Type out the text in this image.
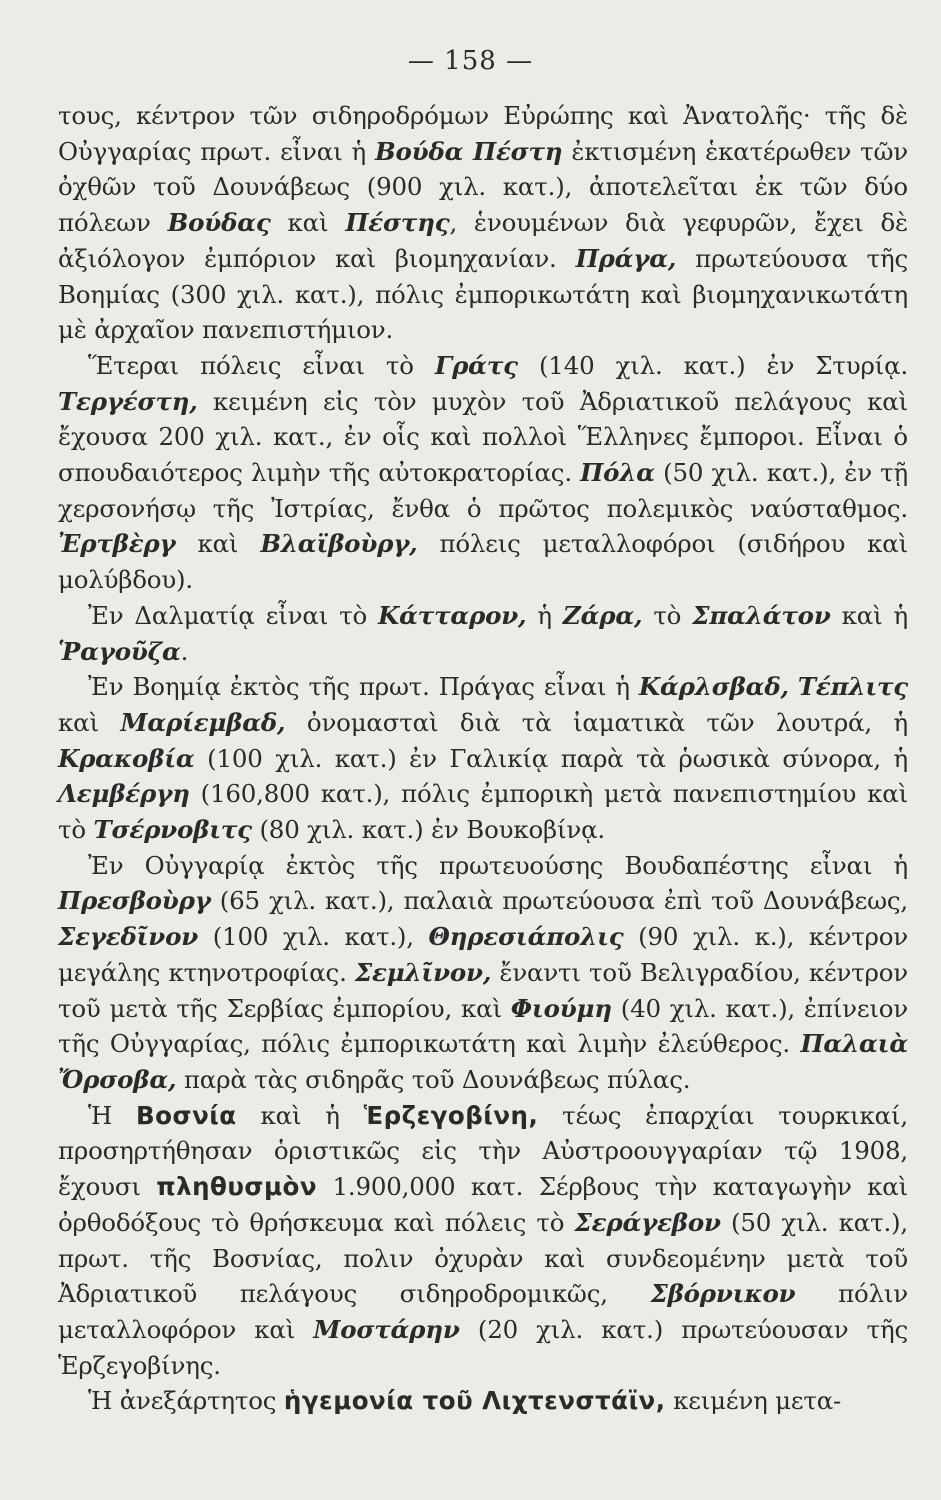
— 158 —

τους, κέντρον τῶν σιδηροδρόμων Εὐρώπης καὶ Ἀνατολῆς· τῆς δὲ Οὐγγαρίας πρωτ. εἶναι ἡ Βούδα Πέστη ἐκτισμένη ἑκατέρωθεν τῶν ὀχθῶν τοῦ Δουνάβεως (900 χιλ. κατ.), ἀποτελεῖται ἐκ τῶν δύο πόλεων Βούδας καὶ Πέστης, ἑνουμένων διὰ γεφυρῶν, ἔχει δὲ ἀξιόλογον ἐμπόριον καὶ βιομηχανίαν. Πράγα, πρωτεύουσα τῆς Βοημίας (300 χιλ. κατ.), πόλις ἐμπορικωτάτη καὶ βιομηχανικωτάτη μὲ ἀρχαῖον πανεπιστήμιον.

Ἕτεραι πόλεις εἶναι τὸ Γράτς (140 χιλ. κατ.) ἐν Στυρίᾳ. Τεργέστη, κειμένη εἰς τὸν μυχὸν τοῦ Ἀδριατικοῦ πελάγους καὶ ἔχουσα 200 χιλ. κατ., ἐν οἷς καὶ πολλοὶ Ἕλληνες ἔμποροι. Εἶναι ὁ σπουδαιότερος λιμὴν τῆς αὐτοκρατορίας. Πόλα (50 χιλ. κατ.), ἐν τῇ χερσονήσῳ τῆς Ἰστρίας, ἔνθα ὁ πρῶτος πολεμικὸς ναύσταθμος. Ἐρτβὲργ καὶ Βλαϊβοὺργ, πόλεις μεταλλοφόροι (σιδήρου καὶ μολύβδου).

Ἐν Δαλματίᾳ εἶναι τὸ Κάτταρον, ἡ Ζάρα, τὸ Σπαλάτον καὶ ἡ Ῥαγοῦζα.

Ἐν Βοημίᾳ ἐκτὸς τῆς πρωτ. Πράγας εἶναι ἡ Κάρλσβαδ, Τέπλιτς καὶ Μαρίεμβαδ, ὀνομασταὶ διὰ τὰ ἰαματικὰ τῶν λουτρά, ἡ Κρακοβία (100 χιλ. κατ.) ἐν Γαλικίᾳ παρὰ τὰ ῥωσικὰ σύνορα, ἡ Λεμβέργη (160,800 κατ.), πόλις ἐμπορικὴ μετὰ πανεπιστημίου καὶ τὸ Τσέρνοβιτς (80 χιλ. κατ.) ἐν Βουκοβίνᾳ.

Ἐν Οὐγγαρίᾳ ἐκτὸς τῆς πρωτευούσης Βουδαπέστης εἶναι ἡ Πρεσβοὺργ (65 χιλ. κατ.), παλαιὰ πρωτεύουσα ἐπὶ τοῦ Δουνάβεως, Σεγεδῖνον (100 χιλ. κατ.), Θηρεσιάπολις (90 χιλ. κ.), κέντρον μεγάλης κτηνοτροφίας. Σεμλῖνον, ἔναντι τοῦ Βελιγραδίου, κέντρον τοῦ μετὰ τῆς Σερβίας ἐμπορίου, καὶ Φιούμη (40 χιλ. κατ.), ἐπίνειον τῆς Οὐγγαρίας, πόλις ἐμπορικωτάτη καὶ λιμὴν ἐλεύθερος. Παλαιὰ Ὄρσοβα, παρὰ τὰς σιδηρᾶς τοῦ Δουνάβεως πύλας.

Ἡ Βοσνία καὶ ἡ Ἑρζεγοβίνη, τέως ἐπαρχίαι τουρκικαί, προσηρτήθησαν ὁριστικῶς εἰς τὴν Αὐστροουγγαρίαν τῷ 1908, ἔχουσι πληθυσμὸν 1.900,000 κατ. Σέρβους τὴν καταγωγὴν καὶ ὀρθοδόξους τὸ θρήσκευμα καὶ πόλεις τὸ Σεράγεβον (50 χιλ. κατ.), πρωτ. τῆς Βοσνίας, πολιν ὀχυρὰν καὶ συνδεομένην μετὰ τοῦ Ἀδριατικοῦ πελάγους σιδηροδρομικῶς, Σβόρνικον πόλιν μεταλλοφόρον καὶ Μοστάρην (20 χιλ. κατ.) πρωτεύουσαν τῆς Ἑρζεγοβίνης.

Ἡ ἀνεξάρτητος ἡγεμονία τοῦ Λιχτενστάϊν, κειμένη μετα-
